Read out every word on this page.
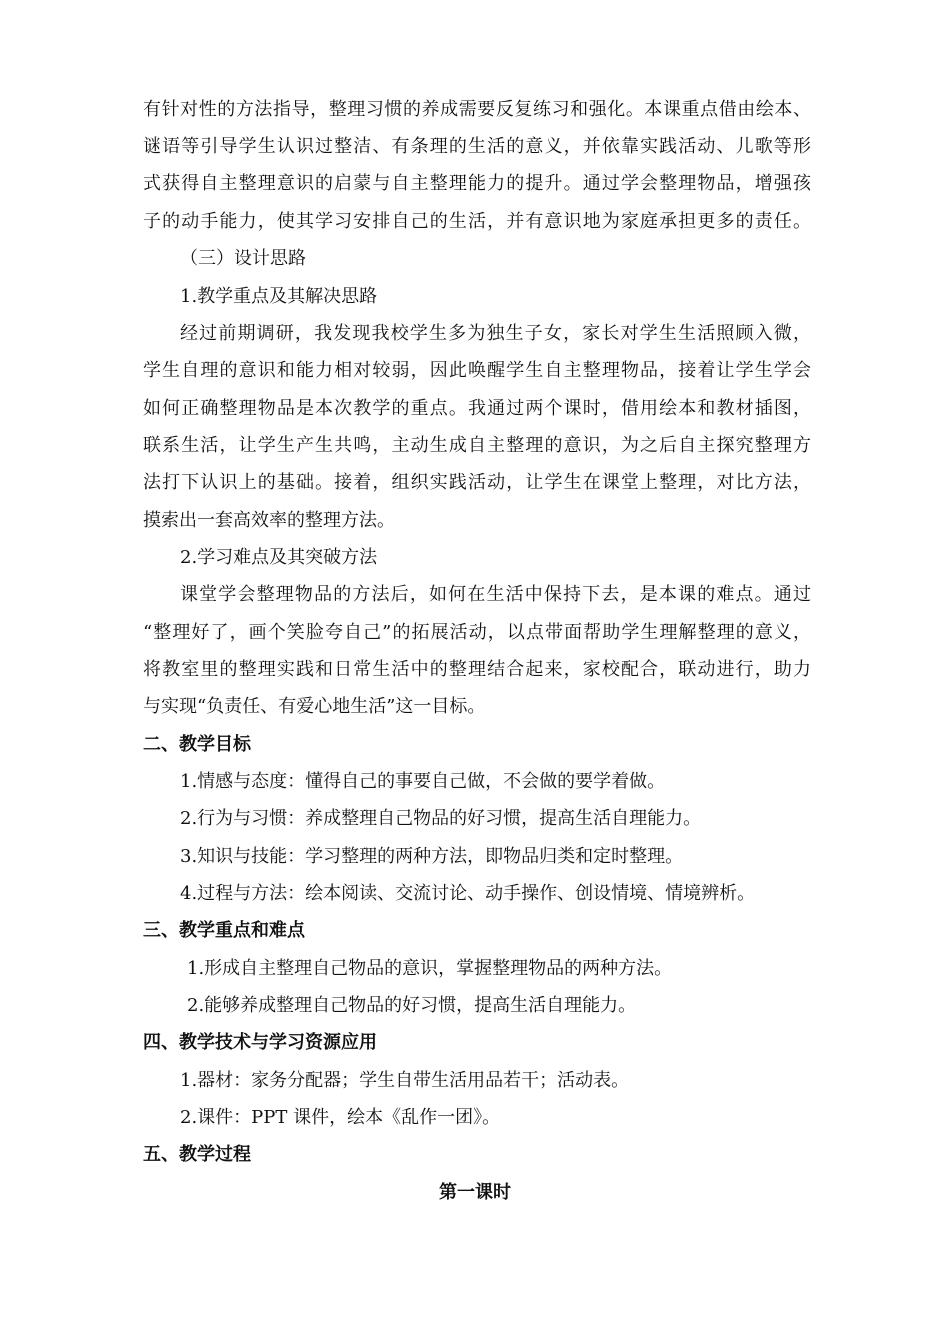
有针对性的方法指导，整理习惯的养成需要反复练习和强化。本课重点借由绘本、
谜语等引导学生认识过整洁、有条理的生活的意义，并依靠实践活动、儿歌等形
式获得自主整理意识的启蒙与自主整理能力的提升。通过学会整理物品，增强孩
子的动手能力，使其学习安排自己的生活，并有意识地为家庭承担更多的责任。
（三）设计思路
1.教学重点及其解决思路
经过前期调研，我发现我校学生多为独生子女，家长对学生生活照顾入微，
学生自理的意识和能力相对较弱，因此唤醒学生自主整理物品，接着让学生学会
如何正确整理物品是本次教学的重点。我通过两个课时，借用绘本和教材插图，
联系生活，让学生产生共鸣，主动生成自主整理的意识，为之后自主探究整理方
法打下认识上的基础。接着，组织实践活动，让学生在课堂上整理，对比方法，
摸索出一套高效率的整理方法。
2.学习难点及其突破方法
课堂学会整理物品的方法后，如何在生活中保持下去，是本课的难点。通过
“整理好了，画个笑脸夸自己”的拓展活动，以点带面帮助学生理解整理的意义，
将教室里的整理实践和日常生活中的整理结合起来，家校配合，联动进行，助力
与实现“负责任、有爱心地生活”这一目标。
二、教学目标
1.情感与态度：懂得自己的事要自己做，不会做的要学着做。
2.行为与习惯：养成整理自己物品的好习惯，提高生活自理能力。
3.知识与技能：学习整理的两种方法，即物品归类和定时整理。
4.过程与方法：绘本阅读、交流讨论、动手操作、创设情境、情境辨析。
三、教学重点和难点
1.形成自主整理自己物品的意识，掌握整理物品的两种方法。
2.能够养成整理自己物品的好习惯，提高生活自理能力。
四、教学技术与学习资源应用
1.器材：家务分配器；学生自带生活用品若干；活动表。
2.课件：PPT 课件，绘本《乱作一团》。
五、教学过程
第一课时
